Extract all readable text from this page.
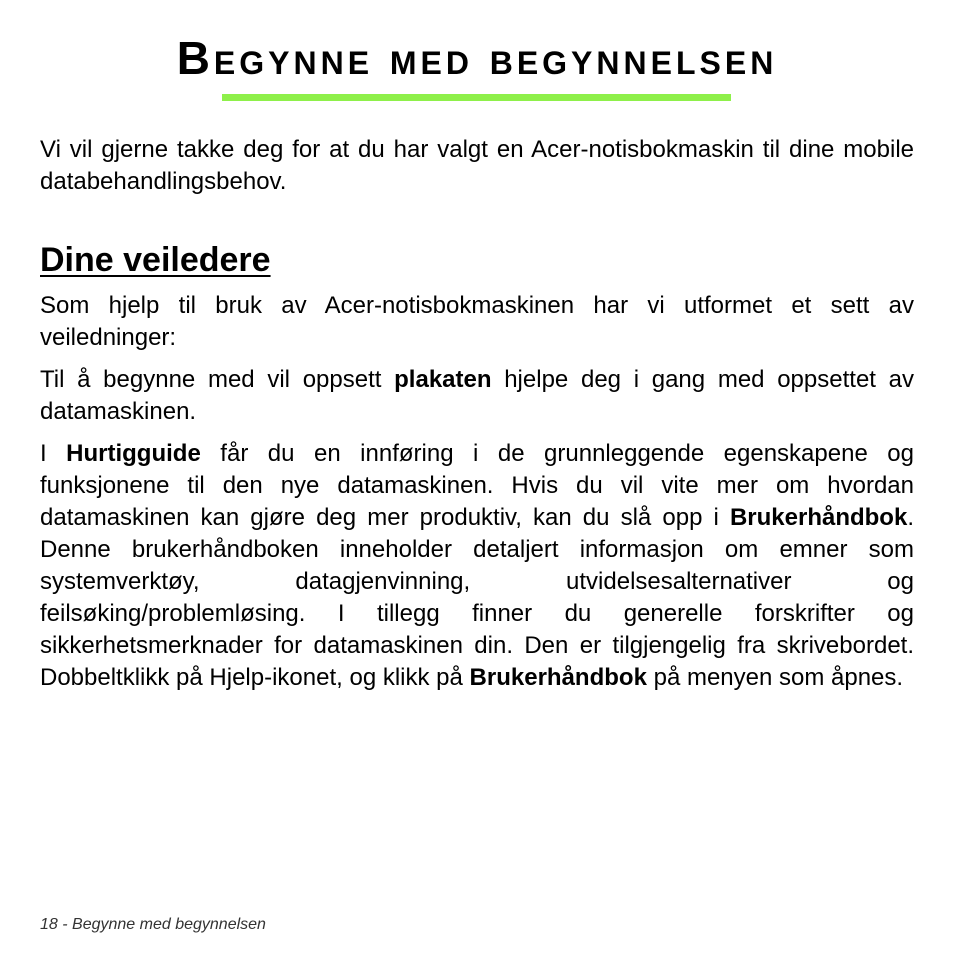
Begynne med begynnelsen

Vi vil gjerne takke deg for at du har valgt en Acer-notisbokmaskin til dine mobile databehandlingsbehov.

Dine veiledere

Som hjelp til bruk av Acer-notisbokmaskinen har vi utformet et sett av veiledninger:

Til å begynne med vil oppsett plakaten hjelpe deg i gang med oppsettet av datamaskinen.

I Hurtigguide får du en innføring i de grunnleggende egenskapene og funksjonene til den nye datamaskinen. Hvis du vil vite mer om hvordan datamaskinen kan gjøre deg mer produktiv, kan du slå opp i Brukerhåndbok. Denne brukerhåndboken inneholder detaljert informasjon om emner som systemverktøy, datagjenvinning, utvidelsesalternativer og feilsøking/problemløsing. I tillegg finner du generelle forskrifter og sikkerhetsmerknader for datamaskinen din. Den er tilgjengelig fra skrivebordet. Dobbeltklikk på Hjelp-ikonet, og klikk på Brukerhåndbok på menyen som åpnes.

18 - Begynne med begynnelsen
